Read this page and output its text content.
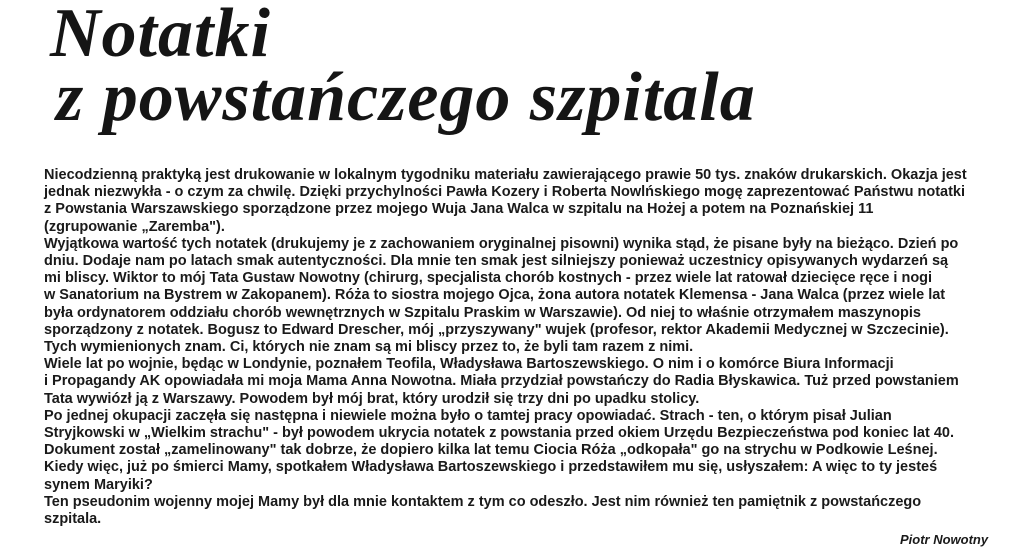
Notatki
z powstańczego szpitala

Niecodzienną praktyką jest drukowanie w lokalnym tygodniku materiału zawierającego prawie 50 tys. znaków drukarskich. Okazja jest

jednak niezwykła - o czym za chwilę. Dzięki przychylności Pawła Kozery i Roberta Nowlńskiego mogę zaprezentować Państwu notatki

z Powstania Warszawskiego sporządzone przez mojego Wuja Jana Walca w szpitalu na Hożej a potem na Poznańskiej 11

(zgrupowanie „Zaremba").

Wyjątkowa wartość tych notatek (drukujemy je z zachowaniem oryginalnej pisowni) wynika stąd, że pisane były na bieżąco. Dzień po

dniu. Dodaje nam po latach smak autentyczności. Dla mnie ten smak jest silniejszy ponieważ uczestnicy opisywanych wydarzeń są

mi bliscy. Wiktor to mój Tata Gustaw Nowotny (chirurg, specjalista chorób kostnych - przez wiele lat ratował dziecięce ręce i nogi

w Sanatorium na Bystrem w Zakopanem). Róża to siostra mojego Ojca, żona autora notatek Klemensa - Jana Walca (przez wiele lat

była ordynatorem oddziału chorób wewnętrznych w Szpitalu Praskim w Warszawie). Od niej to właśnie otrzymałem maszynopis

sporządzony z notatek. Bogusz to Edward Drescher, mój „przyszywany" wujek (profesor, rektor Akademii Medycznej w Szczecinie).

Tych wymienionych znam. Ci, których nie znam są mi bliscy przez to, że byli tam razem z nimi.

Wiele lat po wojnie, będąc w Londynie, poznałem Teofila, Władysława Bartoszewskiego. O nim i o komórce Biura Informacji

i Propagandy AK opowiadała mi moja Mama Anna Nowotna. Miała przydział powstańczy do Radia Błyskawica. Tuż przed powstaniem

Tata wywiózł ją z Warszawy. Powodem był mój brat, który urodził się trzy dni po upadku stolicy.

Po jednej okupacji zaczęła się następna i niewiele można było o tamtej pracy opowiadać. Strach - ten, o którym pisał Julian

Stryjkowski w „Wielkim strachu" - był powodem ukrycia notatek z powstania przed okiem Urzędu Bezpieczeństwa pod koniec lat 40.

Dokument został „zamelinowany" tak dobrze, że dopiero kilka lat temu Ciocia Róża „odkopała" go na strychu w Podkowie Leśnej.

Kiedy więc, już po śmierci Mamy, spotkałem Władysława Bartoszewskiego i przedstawiłem mu się, usłyszałem: A więc to ty jesteś

synem Maryiki?

Ten pseudonim wojenny mojej Mamy był dla mnie kontaktem z tym co odeszło. Jest nim również ten pamiętnik z powstańczego

szpitala.

Piotr Nowotny
